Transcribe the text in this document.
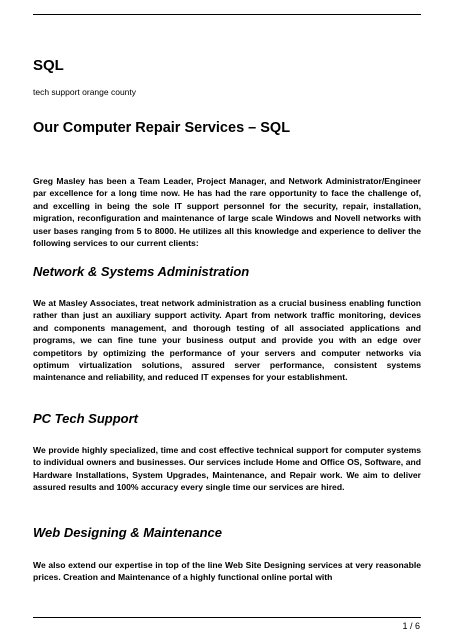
SQL

tech support orange county

Our Computer Repair Services – SQL

Greg Masley has been a Team Leader, Project Manager, and Network Administrator/Engineer par excellence for a long time now. He has had the rare opportunity to face the challenge of, and excelling in being the sole IT support personnel for the security, repair, installation, migration, reconfiguration and maintenance of large scale Windows and Novell networks with user bases ranging from 5 to 8000. He utilizes all this knowledge and experience to deliver the following services to our current clients:

Network & Systems Administration

We at Masley Associates, treat network administration as a crucial business enabling function rather than just an auxiliary support activity. Apart from network traffic monitoring, devices and components management, and thorough testing of all associated applications and programs, we can fine tune your business output and provide you with an edge over competitors by optimizing the performance of your servers and computer networks via optimum virtualization solutions, assured server performance, consistent systems maintenance and reliability, and reduced IT expenses for your establishment.

PC Tech Support

We provide highly specialized, time and cost effective technical support for computer systems to individual owners and businesses. Our services include Home and Office OS, Software, and Hardware Installations, System Upgrades, Maintenance, and Repair work. We aim to deliver assured results and 100% accuracy every single time our services are hired.

Web Designing & Maintenance

We also extend our expertise in top of the line Web Site Designing services at very reasonable prices. Creation and Maintenance of a highly functional online portal with

1 / 6
